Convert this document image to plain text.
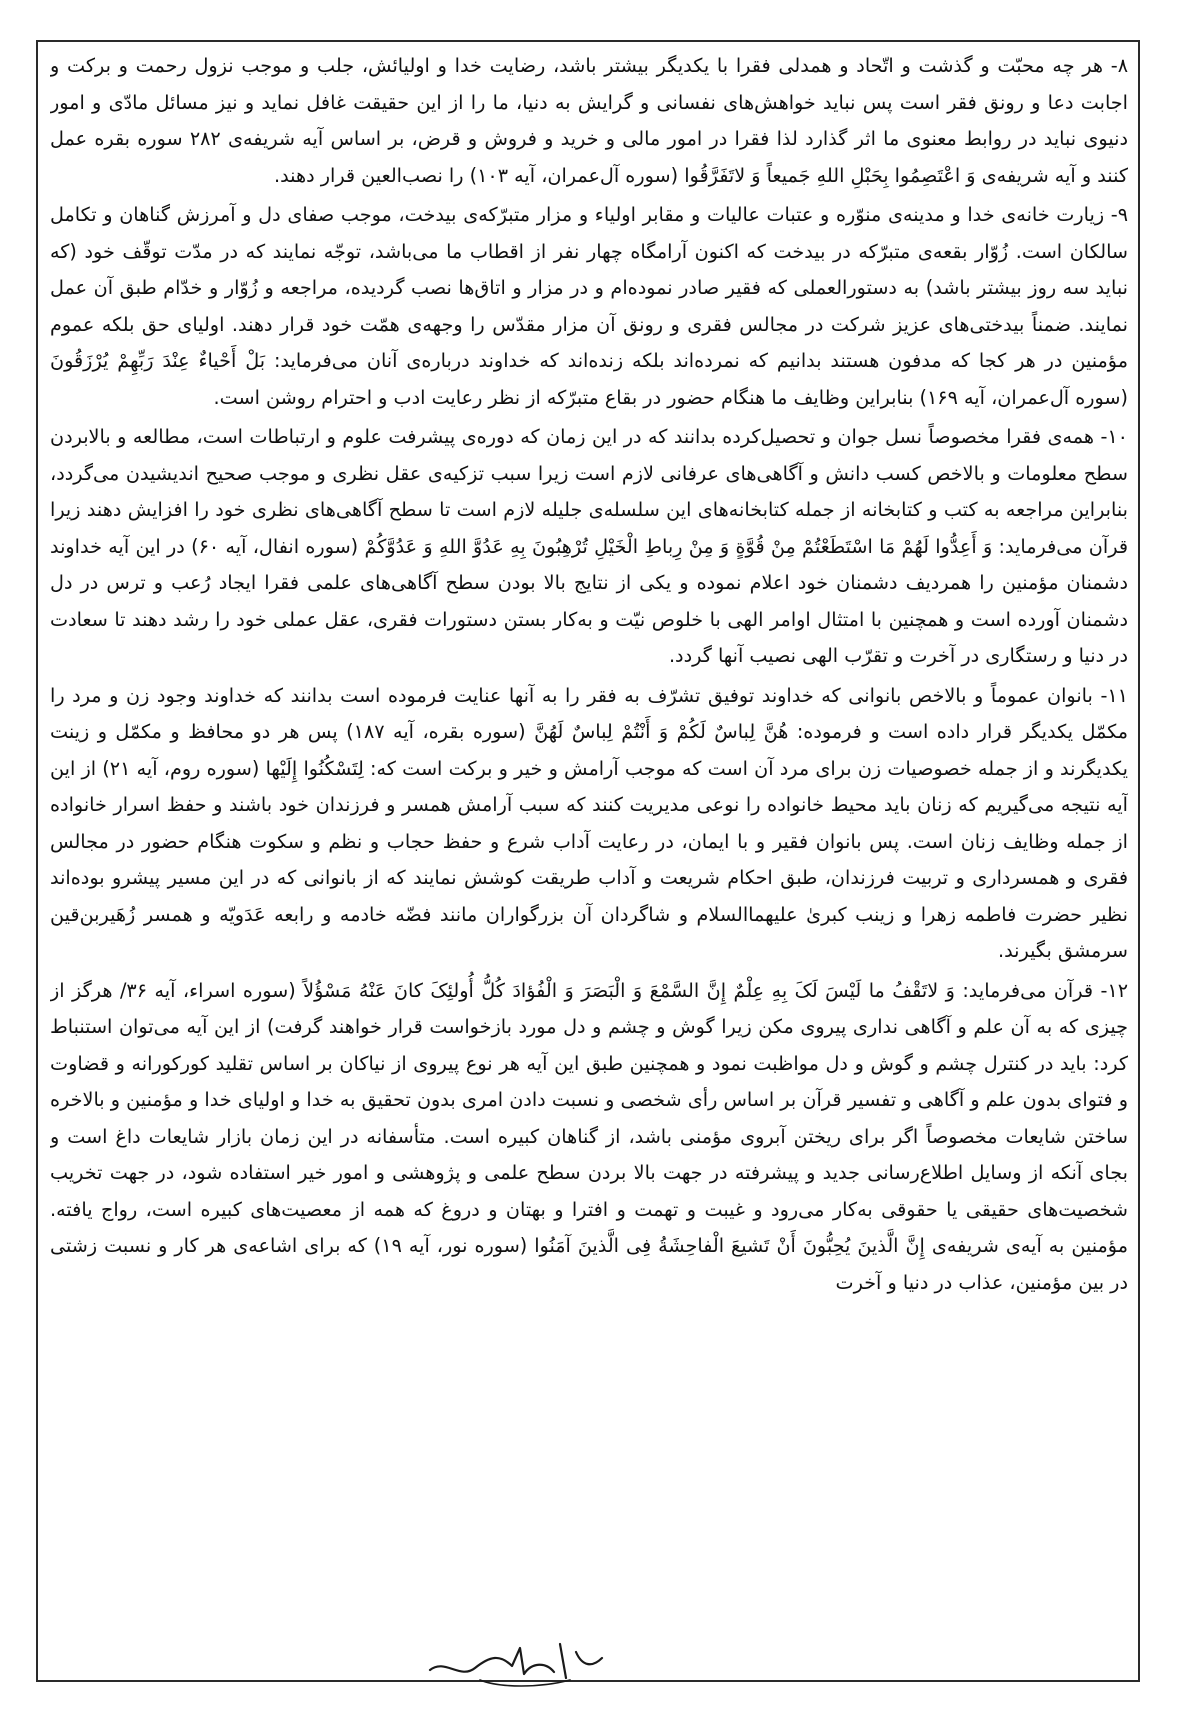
۸- هر چه محبّت و گذشت و اتّحاد و همدلی فقرا با یکدیگر بیشتر باشد، رضایت خدا و اولیائش، جلب و موجب نزول رحمت و برکت و اجابت دعا و رونق فقر است پس نباید خواهش‌های نفسانی و گرایش به دنیا، ما را از این حقیقت غافل نماید و نیز مسائل مادّی و امور دنیوی نباید در روابط معنوی ما اثر گذارد لذا فقرا در امور مالی و خرید و فروش و قرض، بر اساس آیه شریفه‌ی ۲۸۲ سوره بقره عمل کنند و آیه شریفه‌ی وَ اعْتَصِمُوا بِحَبْلِ اللهِ جَمیعاً وَ لاتَفَرَّقُوا (سوره آل‌عمران، آیه ۱۰۳) را نصب‌العین قرار دهند.

۹- زیارت خانه‌ی خدا و مدینه‌ی منوّره و عتبات عالیات و مقابر اولیاء و مزار متبرّکه‌ی بیدخت، موجب صفای دل و آمرزش گناهان و تکامل سالکان است. زُوّار بقعه‌ی متبرّکه در بیدخت که اکنون آرامگاه چهار نفر از اقطاب ما می‌باشد، توجّه نمایند که در مدّت توقّف خود (که نباید سه روز بیشتر باشد) به دستورالعملی که فقیر صادر نموده‌ام و در مزار و اتاق‌ها نصب گردیده، مراجعه و زُوّار و خدّام طبق آن عمل نمایند. ضمناً بیدختی‌های عزیز شرکت در مجالس فقری و رونق آن مزار مقدّس را وجهه‌ی همّت خود قرار دهند. اولیای حق بلکه عموم مؤمنین در هر کجا که مدفون هستند بدانیم که نمرده‌اند بلکه زنده‌اند که خداوند درباره‌ی آنان می‌فرماید: بَلْ أَحْیاءٌ عِنْدَ رَبِّهِمْ یُرْزَقُونَ (سوره آل‌عمران، آیه ۱۶۹) بنابراین وظایف ما هنگام حضور در بقاع متبرّکه از نظر رعایت ادب و احترام روشن است.

۱۰- همه‌ی فقرا مخصوصاً نسل جوان و تحصیل‌کرده بدانند که در این زمان که دوره‌ی پیشرفت علوم و ارتباطات است، مطالعه و بالابردن سطح معلومات و بالاخص کسب دانش و آگاهی‌های عرفانی لازم است زیرا سبب تزکیه‌ی عقل نظری و موجب صحیح اندیشیدن می‌گردد، بنابراین مراجعه به کتب و کتابخانه از جمله کتابخانه‌های این سلسله‌ی جلیله لازم است تا سطح آگاهی‌های نظری خود را افزایش دهند زیرا قرآن می‌فرماید: وَ أَعِدُّوا لَهُمْ مَا اسْتَطَعْتُمْ مِنْ قُوَّةٍ وَ مِنْ رِباطِ الْخَیْلِ تُرْهِبُونَ بِهِ عَدُوَّ اللهِ وَ عَدُوَّکُمْ (سوره انفال، آیه ۶۰) در این آیه خداوند دشمنان مؤمنین را همردیف دشمنان خود اعلام نموده و یکی از نتایج بالا بودن سطح آگاهی‌های علمی فقرا ایجاد رُعب و ترس در دل دشمنان آورده است و همچنین با امتثال اوامر الهی با خلوص نیّت و به‌کار بستن دستورات فقری، عقل عملی خود را رشد دهند تا سعادت در دنیا و رستگاری در آخرت و تقرّب الهی نصیب آنها گردد.

۱۱- بانوان عموماً و بالاخص بانوانی که خداوند توفیق تشرّف به فقر را به آنها عنایت فرموده است بدانند که خداوند وجود زن و مرد را مکمّل یکدیگر قرار داده است و فرموده: هُنَّ لِباسٌ لَکُمْ وَ أَنْتُمْ لِباسٌ لَهُنَّ (سوره بقره، آیه ۱۸۷) پس هر دو محافظ و مکمّل و زینت یکدیگرند و از جمله خصوصیات زن برای مرد آن است که موجب آرامش و خیر و برکت است که: لِتَسْکُنُوا إِلَیْها (سوره روم، آیه ۲۱) از این آیه نتیجه می‌گیریم که زنان باید محیط خانواده را نوعی مدیریت کنند که سبب آرامش همسر و فرزندان خود باشند و حفظ اسرار خانواده از جمله وظایف زنان است. پس بانوان فقیر و با ایمان، در رعایت آداب شرع و حفظ حجاب و نظم و سکوت هنگام حضور در مجالس فقری و همسرداری و تربیت فرزندان، طبق احکام شریعت و آداب طریقت کوشش نمایند که از بانوانی که در این مسیر پیشرو بوده‌اند نظیر حضرت فاطمه زهرا و زینب کبریٰ علیهماالسلام و شاگردان آن بزرگواران مانند فضّه خادمه و رابعه عَدَویّه و همسر زُهَیربن‌قین سرمشق بگیرند.

۱۲- قرآن می‌فرماید: وَ لاتَقْفُ ما لَیْسَ لَکَ بِهِ عِلْمٌ إِنَّ السَّمْعَ وَ الْبَصَرَ وَ الْفُؤادَ کُلُّ أُولئِکَ کانَ عَنْهُ مَسْؤُلاً (سوره اسراء، آیه ۳۶/ هرگز از چیزی که به آن علم و آگاهی نداری پیروی مکن زیرا گوش و چشم و دل مورد بازخواست قرار خواهند گرفت) از این آیه می‌توان استنباط کرد: باید در کنترل چشم و گوش و دل مواظبت نمود و همچنین طبق این آیه هر نوع پیروی از نیاکان بر اساس تقلید کورکورانه و قضاوت و فتوای بدون علم و آگاهی و تفسیر قرآن بر اساس رأی شخصی و نسبت دادن امری بدون تحقیق به خدا و اولیای خدا و مؤمنین و بالاخره ساختن شایعات مخصوصاً اگر برای ریختن آبروی مؤمنی باشد، از گناهان کبیره است. متأسفانه در این زمان بازار شایعات داغ است و بجای آنکه از وسایل اطلاع‌رسانی جدید و پیشرفته در جهت بالا بردن سطح علمی و پژوهشی و امور خیر استفاده شود، در جهت تخریب شخصیت‌های حقیقی یا حقوقی به‌کار می‌رود و غیبت و تهمت و افترا و بهتان و دروغ که همه از معصیت‌های کبیره است، رواج یافته. مؤمنین به آیه‌ی شریفه‌ی إِنَّ الَّذینَ یُحِبُّونَ أَنْ تَشیعَ الْفاحِشَةُ فِی الَّذینَ آمَنُوا (سوره نور، آیه ۱۹) که برای اشاعه‌ی هر کار و نسبت زشتی در بین مؤمنین، عذاب در دنیا و آخرت
